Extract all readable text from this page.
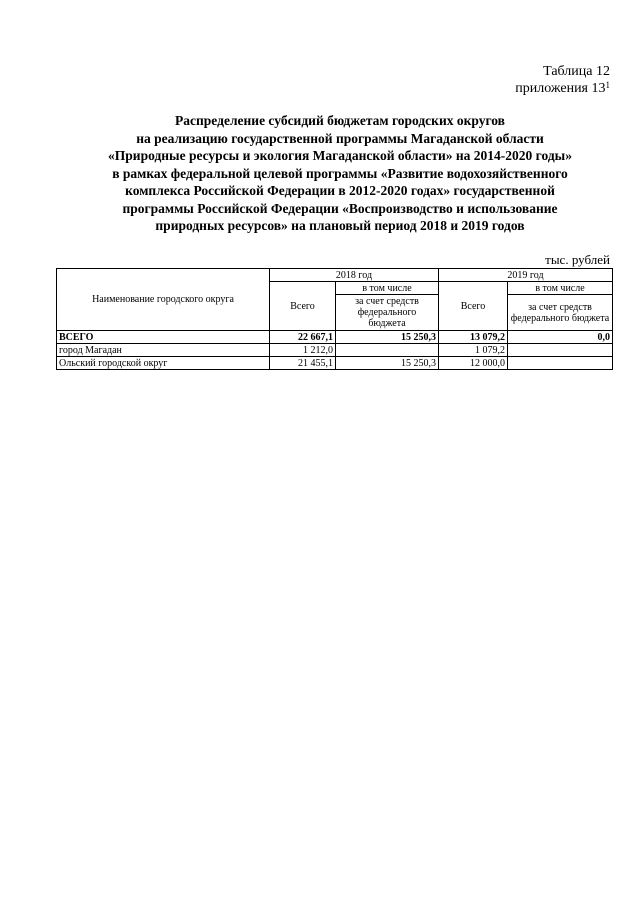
Таблица 12
приложения $13^1$
Распределение субсидий бюджетам городских округов
на реализацию государственной программы Магаданской области
«Природные ресурсы и экология Магаданской области» на 2014-2020 годы»
в рамках федеральной целевой программы «Развитие водохозяйственного
комплекса Российской Федерации в 2012-2020 годах» государственной
программы Российской Федерации «Воспроизводство и использование
природных ресурсов» на плановый период 2018 и 2019 годов
тыс. рублей
Наименование городского округа	2018 год		2019 год	
	Всего	в том числе	Всего	в том числе
		за счет средств федерального бюджета		за счет средств федерального бюджета
ВСЕГО	22 667,1	15 250,3	13 079,2	0,0
город Магадан	1 212,0		1 079,2	
Ольский городской округ	21 455,1	15 250,3	12 000,0	
